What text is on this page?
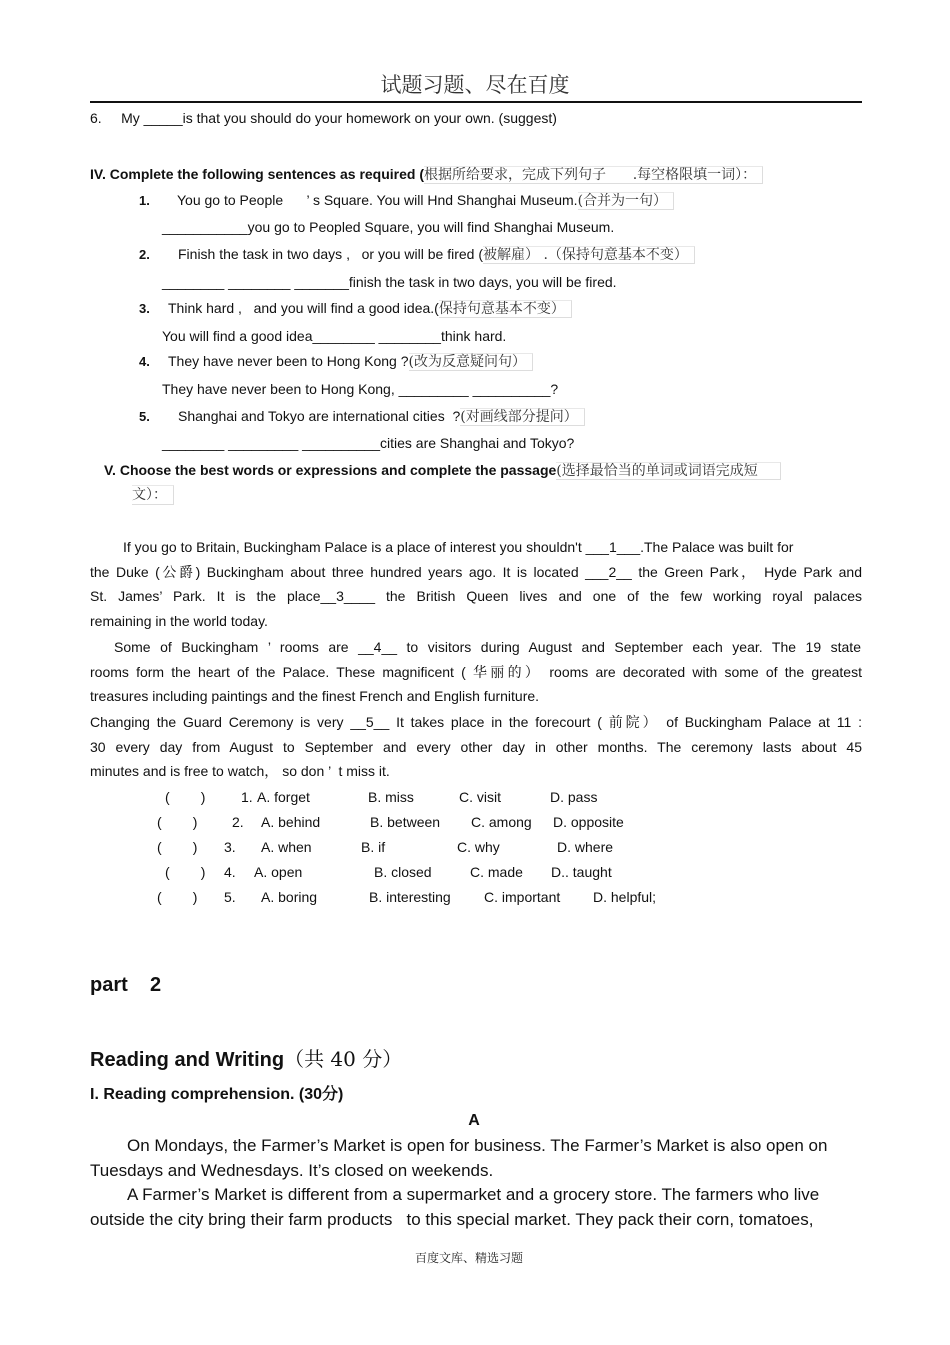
试题习题、尽在百度
6.     My _____is that you should do your homework on your own. (suggest)
IV. Complete the following sentences as required (根据所给要求，完成下列句子      .每空格限填一词）：
1. You go to People      ’ s Square. You will Hnd Shanghai Museum.(合并为一句）
___________you go to Peopled Square, you will find Shanghai Museum.
2. Finish the task in two days ,   or you will be fired (被解雇） .（保持句意基本不变）
________ ________ _______finish the task in two days, you will be fired.
3. Think hard ,   and you will find a good idea.(保持句意基本不变）
You will find a good idea________ ________think hard.
4. They have never been to Hong Kong ?(改为反意疑问句）
They have never been to Hong Kong, _________ __________?
5. Shanghai and Tokyo are international cities  ?(对画线部分提问）
________ _________ __________cities are Shanghai and Tokyo?
V. Choose the best words or expressions and complete the passage(选择最恰当的单词或词语完成短
文）：
If you go to Britain, Buckingham Palace is a place of interest you shouldn't ___1___.The Palace was built for
the Duke (公爵) Buckingham about three hundred years ago. It is located ___2__ the Green Park， Hyde Park and
St. James’ Park. It is the place__3____ the British Queen lives and one of the few working royal palaces
remaining in the world today.
Some of Buckingham ’ rooms are __4__ to visitors during August and September each year. The 19 state
rooms form the heart of the Palace. These magnificent ( 华丽的） rooms are decorated with some of the greatest
treasures including paintings and the finest French and English furniture.
Changing the Guard Ceremony is very __5__ It takes place in the forecourt ( 前院） of Buckingham Palace at 11 :
30 every day from August to September and every other day in other months. The ceremony lasts about 45
minutes and is free to watch， so don ’  t miss it.
(        )	1. A. forget	B. miss	C. visit	D. pass
(        ) 2. A. behind	B. between C. among D. opposite
(        ) 3. A. when	B. if	C. why	D. where
(        ) 4. A. open	B. closed	C. made D.. taught
(        ) 5. A. boring	B. interesting C. important D. helpful;
part    2
Reading and Writing（共 40 分）
I. Reading comprehension. (30分)
A
On Mondays, the Farmer’s Market is open for business. The Farmer’s Market is also open on
Tuesdays and Wednesdays. It’s closed on weekends.
A Farmer’s Market is different from a supermarket and a grocery store. The farmers who live
outside the city bring their farm products   to this special market. They pack their corn, tomatoes,
百度文库、精选习题
